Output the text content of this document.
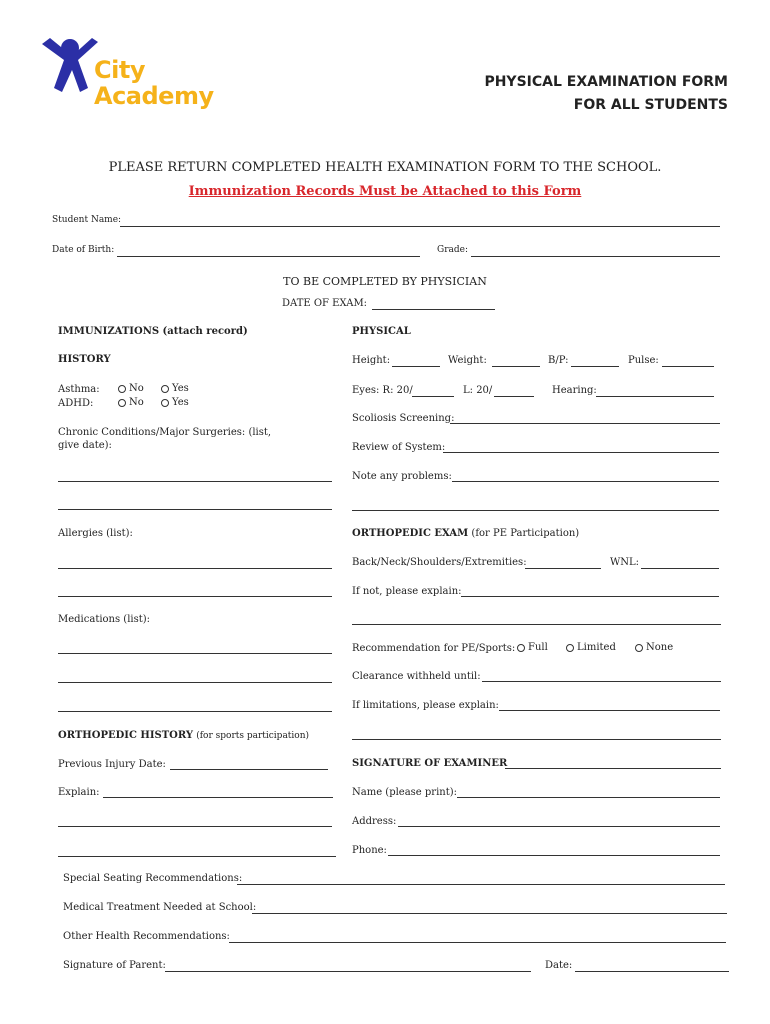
City
Academy	PHYSICAL EXAMINATION FORM
FOR ALL STUDENTS
PLEASE RETURN COMPLETED HEALTH EXAMINATION FORM TO THE SCHOOL.
Immunization Records Must be Attached to this Form
Student Name:
Date of Birth:	Grade:
TO BE COMPLETED BY PHYSICIAN
DATE OF EXAM:
IMMUNIZATIONS (attach record)
HISTORY
Asthma:	No	Yes
ADHD:	No	Yes
Chronic Conditions/Major Surgeries: (list,
give date):
Allergies (list):
Medications (list):
ORTHOPEDIC HISTORY (for sports participation)
Previous Injury Date:
Explain:
PHYSICAL
Height:	Weight:	B/P:	Pulse:
Eyes: R: 20/	L: 20/	Hearing:
Scoliosis Screening:
Review of System:
Note any problems:
ORTHOPEDIC EXAM (for PE Participation)
Back/Neck/Shoulders/Extremities:	WNL:
If not, please explain:
Recommendation for PE/Sports:	Full	Limited	None
Clearance withheld until:
If limitations, please explain:
SIGNATURE OF EXAMINER
Name (please print):
Address:
Phone:
Special Seating Recommendations:
Medical Treatment Needed at School:
Other Health Recommendations:
Signature of Parent:	Date:
